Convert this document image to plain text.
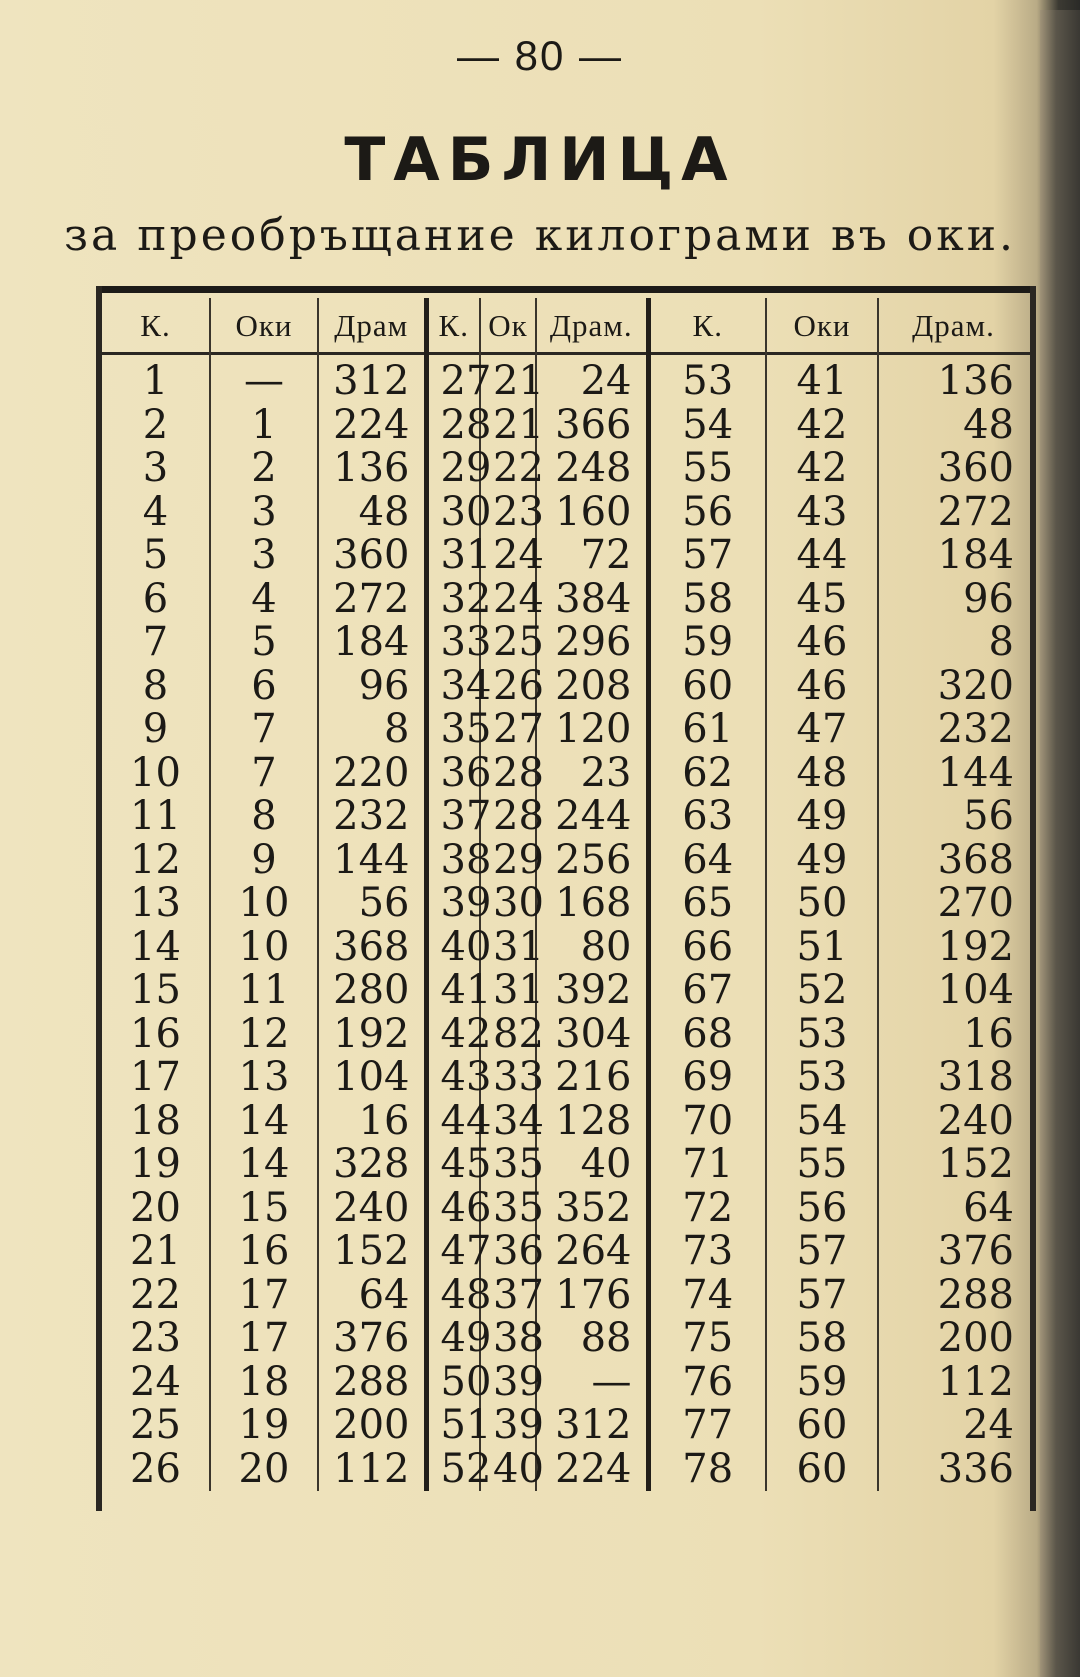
— 80 —
ТАБЛИЦА
за преобръщание килограми въ оки.
К.	Оки	Драм	К.	Ок	Драм.	К.	Оки	Драм.
1	—	312	27	21	24	53	41	136
2	1	224	28	21	366	54	42	48
3	2	136	29	22	248	55	42	360
4	3	48	30	23	160	56	43	272
5	3	360	31	24	72	57	44	184
6	4	272	32	24	384	58	45	96
7	5	184	33	25	296	59	46	8
8	6	96	34	26	208	60	46	320
9	7	8	35	27	120	61	47	232
10	7	220	36	28	23	62	48	144
11	8	232	37	28	244	63	49	56
12	9	144	38	29	256	64	49	368
13	10	56	39	30	168	65	50	270
14	10	368	40	31	80	66	51	192
15	11	280	41	31	392	67	52	104
16	12	192	42	82	304	68	53	16
17	13	104	43	33	216	69	53	318
18	14	16	44	34	128	70	54	240
19	14	328	45	35	40	71	55	152
20	15	240	46	35	352	72	56	64
21	16	152	47	36	264	73	57	376
22	17	64	48	37	176	74	57	288
23	17	376	49	38	88	75	58	200
24	18	288	50	39	—	76	59	112
25	19	200	51	39	312	77	60	24
26	20	112	52	40	224	78	60	336
